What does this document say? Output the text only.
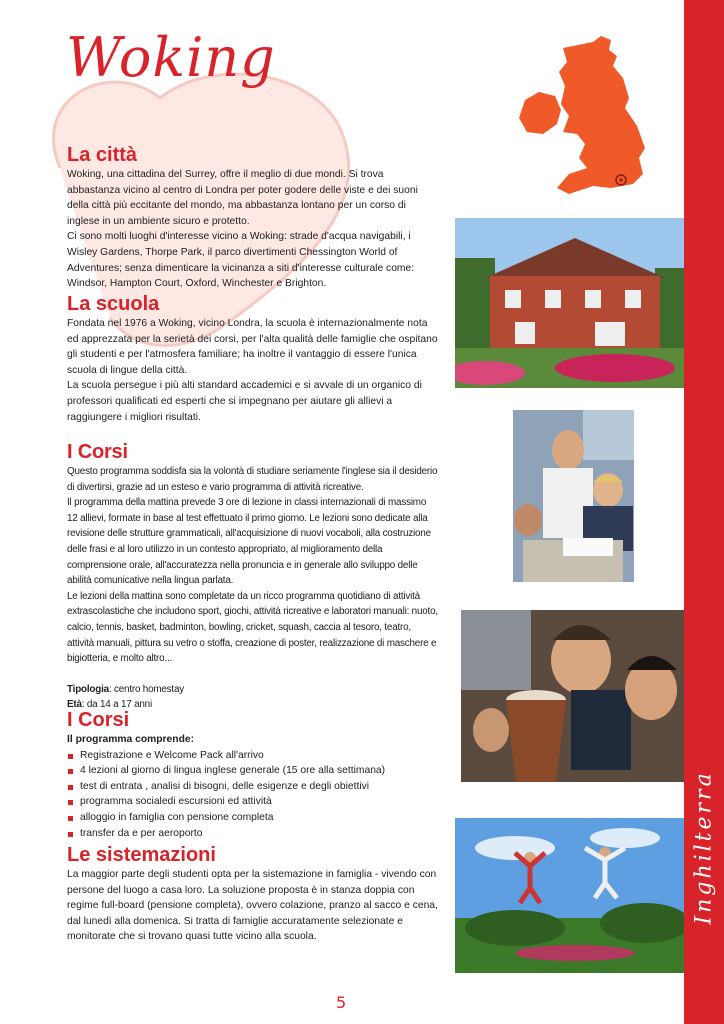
Woking
Inghilterra
La città

Woking, una cittadina del Surrey, offre il meglio di due mondi. Si trova abbastanza vicino al centro di Londra per poter godere delle viste e dei suoni della città più eccitante del mondo, ma abbastanza lontano per un corso di inglese in un ambiente sicuro e protetto.

Ci sono molti luoghi d'interesse vicino a Woking: strade d'acqua navigabili, i Wisley Gardens, Thorpe Park, il parco divertimenti Chessington World of Adventures; senza dimenticare la vicinanza a siti d'interesse culturale come: Windsor, Hampton Court, Oxford, Winchester e Brighton.

La scuola

Fondata nel 1976 a Woking, vicino Londra, la scuola è internazionalmente nota ed apprezzata per la serietà dei corsi, per l'alta qualità delle famiglie che ospitano gli studenti e per l'atmosfera familiare; ha inoltre il vantaggio di essere l'unica scuola di lingue della città.

La scuola persegue i più alti standard accademici e si avvale di un organico di professori qualificati ed esperti che si impegnano per aiutare gli allievi a raggiungere i migliori risultati.

I Corsi

Questo programma soddisfa sia la volontà di studiare seriamente l'inglese sia il desiderio di divertirsi, grazie ad un esteso e vario programma di attività ricreative.

Il programma della mattina prevede 3 ore di lezione in classi internazionali di massimo 12 allievi, formate in base al test effettuato il primo giorno. Le lezioni sono dedicate alla revisione delle strutture grammaticali, all'acquisizione di nuovi vocaboli, alla costruzione delle frasi e al loro utilizzo in un contesto appropriato, al miglioramento della comprensione orale, all'accuratezza nella pronuncia e in generale allo sviluppo delle abilità comunicative nella lingua parlata.

Le lezioni della mattina sono completate da un ricco programma quotidiano di attività extrascolastiche che includono sport, giochi, attività ricreative e laboratori manuali: nuoto, calcio, tennis, basket, badminton, bowling, cricket, squash, caccia al tesoro, teatro, attività manuali, pittura su vetro o stoffa, creazione di poster, realizzazione di maschere e bigiotteria, e molto altro...

Tipologia: centro homestay

Età: da 14 a 17 anni

I Corsi

Il programma comprende:

Registrazione e Welcome Pack all'arrivo
4 lezioni al giorno di lingua inglese generale (15 ore alla settimana)
test di entrata , analisi di bisogni, delle esigenze e degli obiettivi
programma socialedi escursioni ed attività
alloggio in famiglia con pensione completa
transfer da e per aeroporto
Le sistemazioni

La maggior parte degli studenti opta per la sistemazione in famiglia - vivendo con persone del luogo a casa loro. La soluzione proposta è in stanza doppia con regime full-board (pensione completa), ovvero colazione, pranzo al sacco e cena, dal lunedì alla domenica. Si tratta di famiglie accuratamente selezionate e monitorate che si trovano quasi tutte vicino alla scuola.

5
